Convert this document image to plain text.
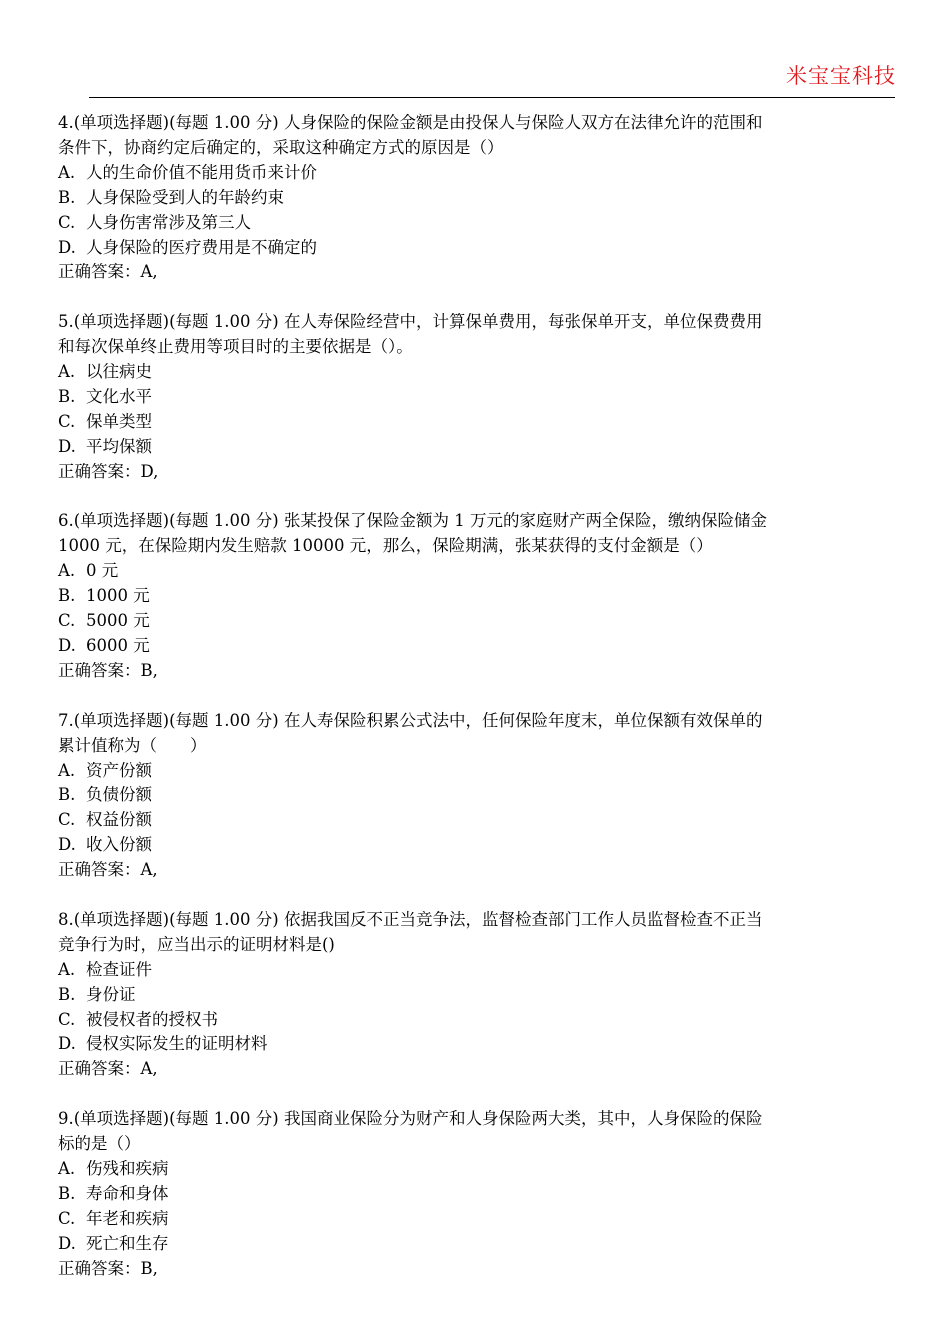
米宝宝科技
4.(单项选择题)(每题 1.00 分) 人身保险的保险金额是由投保人与保险人双方在法律允许的范围和
条件下，协商约定后确定的，采取这种确定方式的原因是（）
A. 人的生命价值不能用货币来计价
B. 人身保险受到人的年龄约束
C. 人身伤害常涉及第三人
D. 人身保险的医疗费用是不确定的
正确答案：A,
5.(单项选择题)(每题 1.00 分) 在人寿保险经营中，计算保单费用，每张保单开支，单位保费费用
和每次保单终止费用等项目时的主要依据是（）。
A. 以往病史
B. 文化水平
C. 保单类型
D. 平均保额
正确答案：D,
6.(单项选择题)(每题 1.00 分) 张某投保了保险金额为 1 万元的家庭财产两全保险，缴纳保险储金
1000 元，在保险期内发生赔款 10000 元，那么，保险期满，张某获得的支付金额是（）
A. 0 元
B. 1000 元
C. 5000 元
D. 6000 元
正确答案：B,
7.(单项选择题)(每题 1.00 分) 在人寿保险积累公式法中，任何保险年度末，单位保额有效保单的
累计值称为（　　）
A. 资产份额
B. 负债份额
C. 权益份额
D. 收入份额
正确答案：A,
8.(单项选择题)(每题 1.00 分) 依据我国反不正当竞争法，监督检查部门工作人员监督检查不正当
竞争行为时，应当出示的证明材料是()
A. 检查证件
B. 身份证
C. 被侵权者的授权书
D. 侵权实际发生的证明材料
正确答案：A,
9.(单项选择题)(每题 1.00 分) 我国商业保险分为财产和人身保险两大类，其中，人身保险的保险
标的是（）
A. 伤残和疾病
B. 寿命和身体
C. 年老和疾病
D. 死亡和生存
正确答案：B,
